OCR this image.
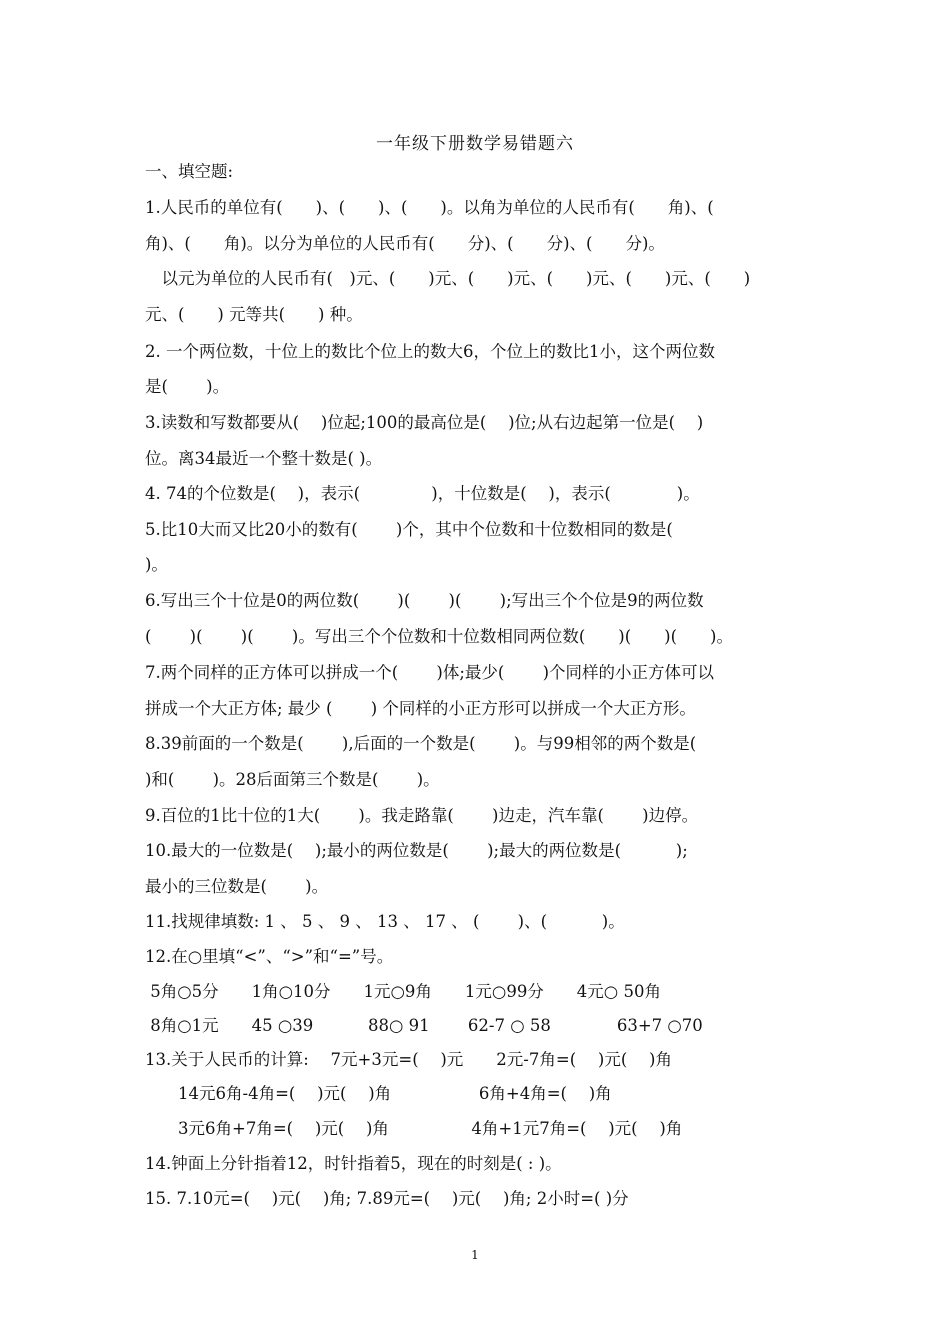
一年级下册数学易错题六
一、填空题:
1.人民币的单位有(　　)、(　　)、(　　)。以角为单位的人民币有(　　角)、(
角)、(　　角)。以分为单位的人民币有(　　分)、(　　分)、(　　分)。
　以元为单位的人民币有(　)元、(　　)元、(　　)元、(　　)元、(　　)元、(　　)
元、(　　) 元等共(　　) 种。
2. 一个两位数，十位上的数比个位上的数大6，个位上的数比1小，这个两位数
是(　　 )。
3.读数和写数都要从(　 )位起;100的最高位是(　 )位;从右边起第一位是(　 )
位。离34最近一个整十数是( )。
4. 74的个位数是(　 )，表示(　　　　 )，十位数是(　 )，表示(　　　　)。
5.比10大而又比20小的数有(　　 )个，其中个位数和十位数相同的数是(
)。
6.写出三个十位是0的两位数(　　 )(　　 )(　　 );写出三个个位是9的两位数
(　　 )(　　 )(　　 )。写出三个个位数和十位数相同两位数(　　)(　　)(　　)。
7.两个同样的正方体可以拼成一个(　　 )体;最少(　　 )个同样的小正方体可以
拼成一个大正方体; 最少 (　　 ) 个同样的小正方形可以拼成一个大正方形。
8.39前面的一个数是(　　 ),后面的一个数是(　　 )。与99相邻的两个数是(
)和(　　 )。28后面第三个数是(　　 )。
9.百位的1比十位的1大(　　 )。我走路靠(　　 )边走，汽车靠(　　 )边停。
10.最大的一位数是(　 );最小的两位数是(　　 );最大的两位数是(　　　 );
最小的三位数是(　　 )。
11.找规律填数: 1 、 5 、 9 、 13 、 17 、 (　　 )、(　　　 )。
12.在○里填“<”、“>”和“=”号。
5角○5分　　1角○10分　　1元○9角　　1元○99分　　4元○ 50角
8角○1元　　45 ○39　　　 88○ 91　　 62-7 ○ 58　　　　63+7 ○70
13.关于人民币的计算:　 7元+3元=(　 )元　　2元-7角=(　 )元(　 )角
　　14元6角-4角=(　 )元(　 )角　　　　　 6角+4角=(　 )角
　　3元6角+7角=(　 )元(　 )角　　　　　4角+1元7角=(　 )元(　 )角
14.钟面上分针指着12，时针指着5，现在的时刻是( : )。
15. 7.10元=(　 )元(　 )角; 7.89元=(　 )元(　 )角; 2小时=( )分
1
